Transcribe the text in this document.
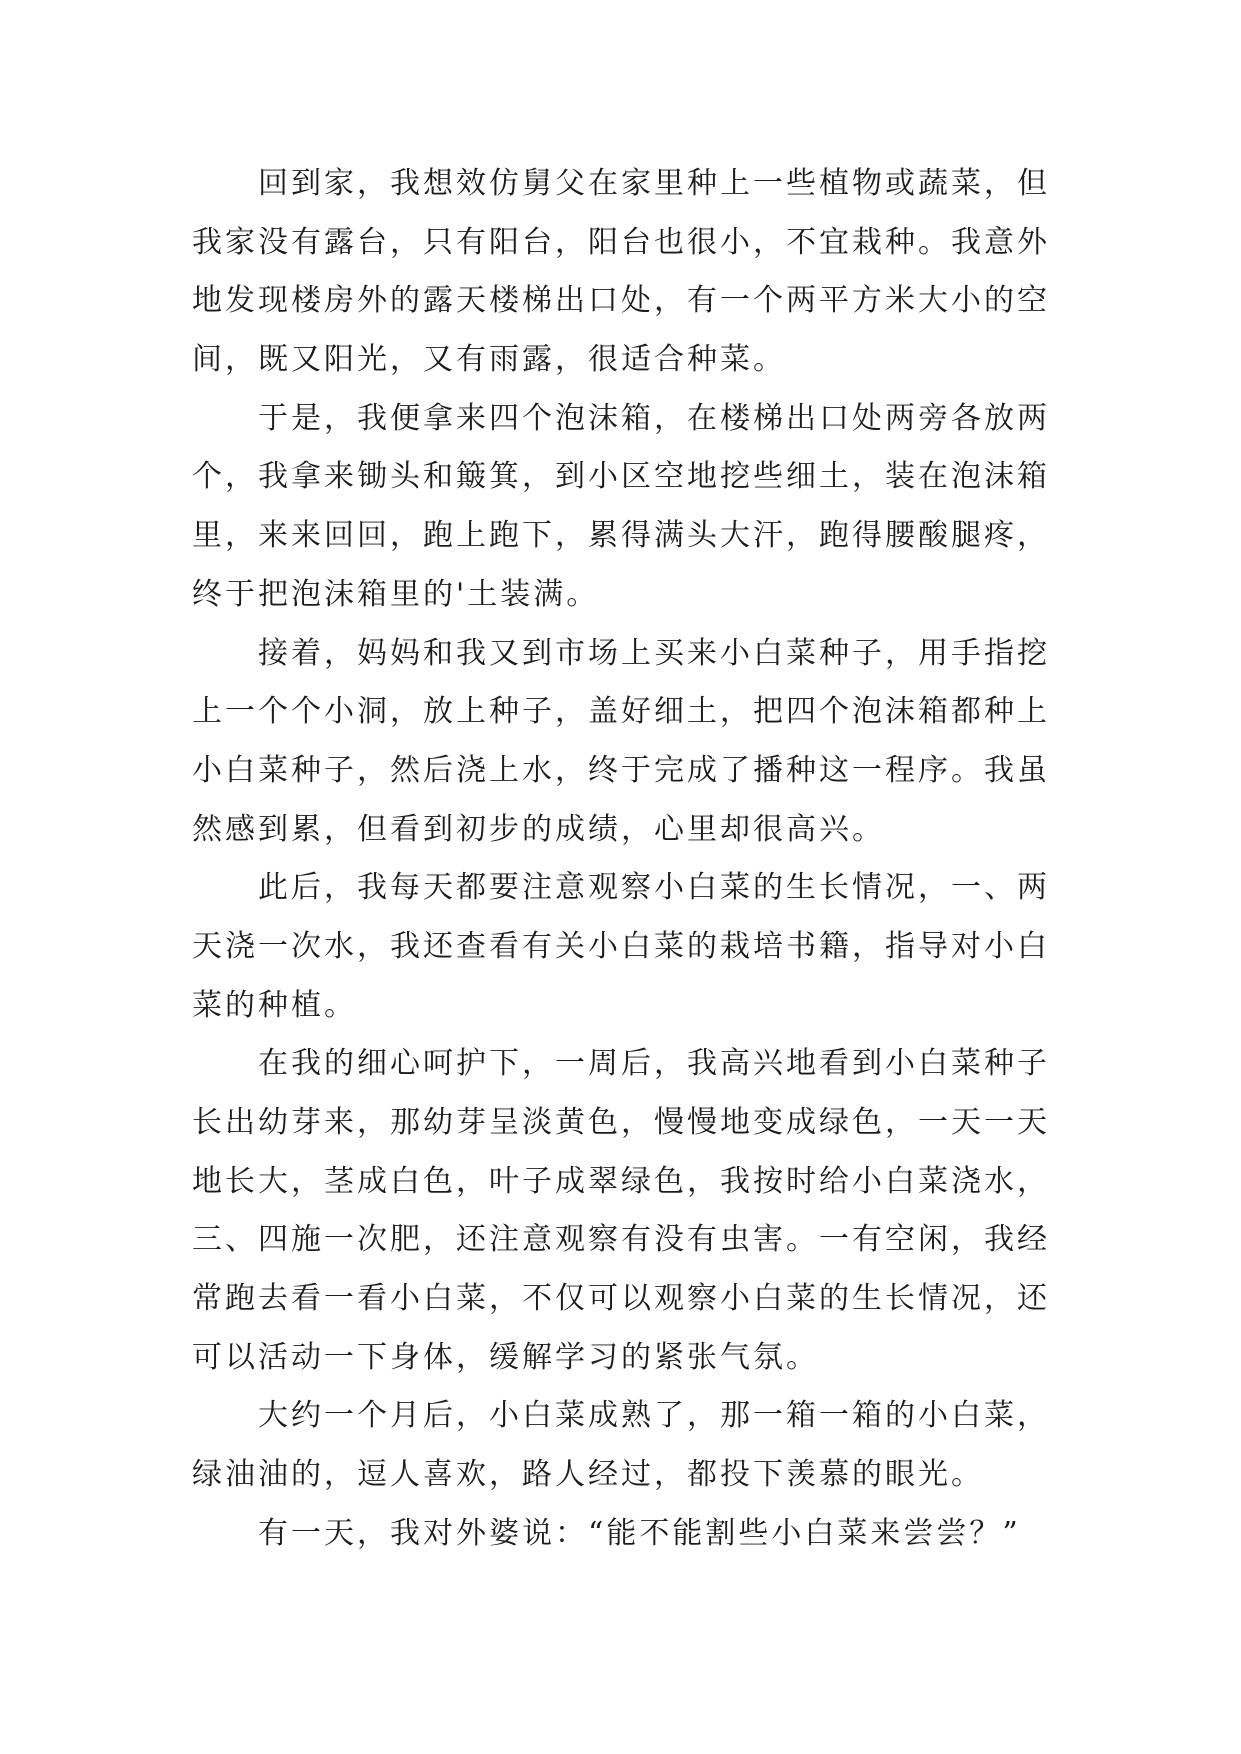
回到家，我想效仿舅父在家里种上一些植物或蔬菜，但
我家没有露台，只有阳台，阳台也很小，不宜栽种。我意外
地发现楼房外的露天楼梯出口处，有一个两平方米大小的空
间，既又阳光，又有雨露，很适合种菜。
于是，我便拿来四个泡沫箱，在楼梯出口处两旁各放两
个，我拿来锄头和簸箕，到小区空地挖些细土，装在泡沫箱
里，来来回回，跑上跑下，累得满头大汗，跑得腰酸腿疼，
终于把泡沫箱里的'土装满。
接着，妈妈和我又到市场上买来小白菜种子，用手指挖
上一个个小洞，放上种子，盖好细土，把四个泡沫箱都种上
小白菜种子，然后浇上水，终于完成了播种这一程序。我虽
然感到累，但看到初步的成绩，心里却很高兴。
此后，我每天都要注意观察小白菜的生长情况，一、两
天浇一次水，我还查看有关小白菜的栽培书籍，指导对小白
菜的种植。
在我的细心呵护下，一周后，我高兴地看到小白菜种子
长出幼芽来，那幼芽呈淡黄色，慢慢地变成绿色，一天一天
地长大，茎成白色，叶子成翠绿色，我按时给小白菜浇水，
三、四施一次肥，还注意观察有没有虫害。一有空闲，我经
常跑去看一看小白菜，不仅可以观察小白菜的生长情况，还
可以活动一下身体，缓解学习的紧张气氛。
大约一个月后，小白菜成熟了，那一箱一箱的小白菜，
绿油油的，逗人喜欢，路人经过，都投下羡慕的眼光。
有一天，我对外婆说：“能不能割些小白菜来尝尝？”
